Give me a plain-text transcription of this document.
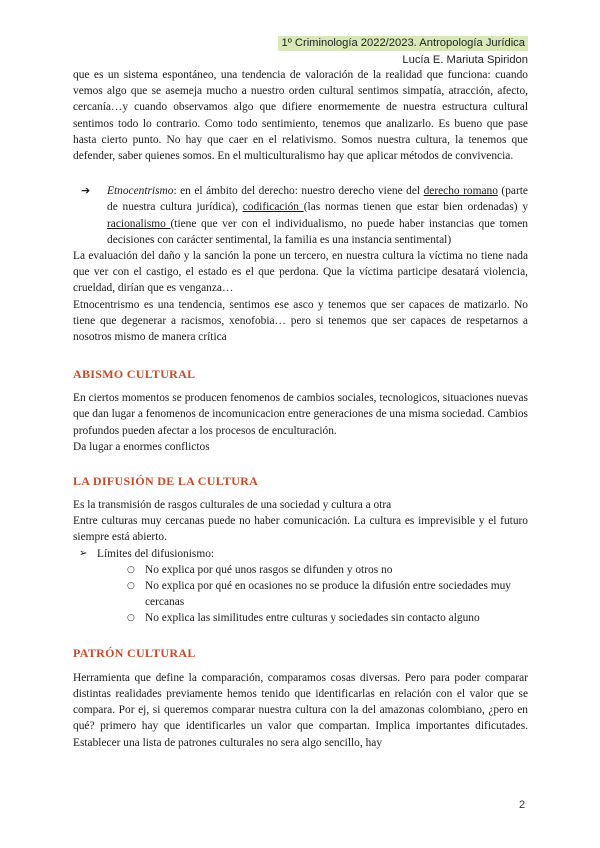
1º Criminología 2022/2023. Antropología Jurídica
Lucía E. Mariuta Spiridon

que es un sistema espontáneo, una tendencia de valoración de la realidad que funciona: cuando vemos algo que se asemeja mucho a nuestro orden cultural sentimos simpatía, atracción, afecto, cercanía…y cuando observamos algo que difiere enormemente de nuestra estructura cultural sentimos todo lo contrario. Como todo sentimiento, tenemos que analizarlo. Es bueno que pase hasta cierto punto. No hay que caer en el relativismo. Somos nuestra cultura, la tenemos que defender, saber quienes somos. En el multiculturalismo hay que aplicar métodos de convivencia.

➔	Etnocentrismo: en el ámbito del derecho: nuestro derecho viene del derecho romano (parte de nuestra cultura jurídica), codificación (las normas tienen que estar bien ordenadas) y racionalismo (tiene que ver con el individualismo, no puede haber instancias que tomen decisiones con carácter sentimental, la familia es una instancia sentimental)

La evaluación del daño y la sanción la pone un tercero, en nuestra cultura la víctima no tiene nada que ver con el castigo, el estado es el que perdona. Que la víctima participe desatará violencia, crueldad, dirían que es venganza…

Etnocentrismo es una tendencia, sentimos ese asco y tenemos que ser capaces de matizarlo. No tiene que degenerar a racismos, xenofobia… pero si tenemos que ser capaces de respetarnos a nosotros mismo de manera crítica

ABISMO CULTURAL

En ciertos momentos se producen fenomenos de cambios sociales, tecnologicos, situaciones nuevas que dan lugar a fenomenos de incomunicacion entre generaciones de una misma sociedad. Cambios profundos pueden afectar a los procesos de enculturación.

Da lugar a enormes conflictos

LA DIFUSIÓN DE LA CULTURA

Es la transmisión de rasgos culturales de una sociedad y cultura a otra

Entre culturas muy cercanas puede no haber comunicación. La cultura es imprevisible y el futuro siempre está abierto.

➢ Límites del difusionismo:
○ No explica por qué unos rasgos se difunden y otros no
○ No explica por qué en ocasiones no se produce la difusión entre sociedades muy cercanas
○ No explica las similitudes entre culturas y sociedades sin contacto alguno
PATRÓN CULTURAL

Herramienta que define la comparación, comparamos cosas diversas. Pero para poder comparar distintas realidades previamente hemos tenido que identificarlas en relación con el valor que se compara. Por ej, si queremos comparar nuestra cultura con la del amazonas colombiano, ¿pero en qué? primero hay que identificarles un valor que compartan. Implica importantes dificutades. Establecer una lista de patrones culturales no sera algo sencillo, hay

2
